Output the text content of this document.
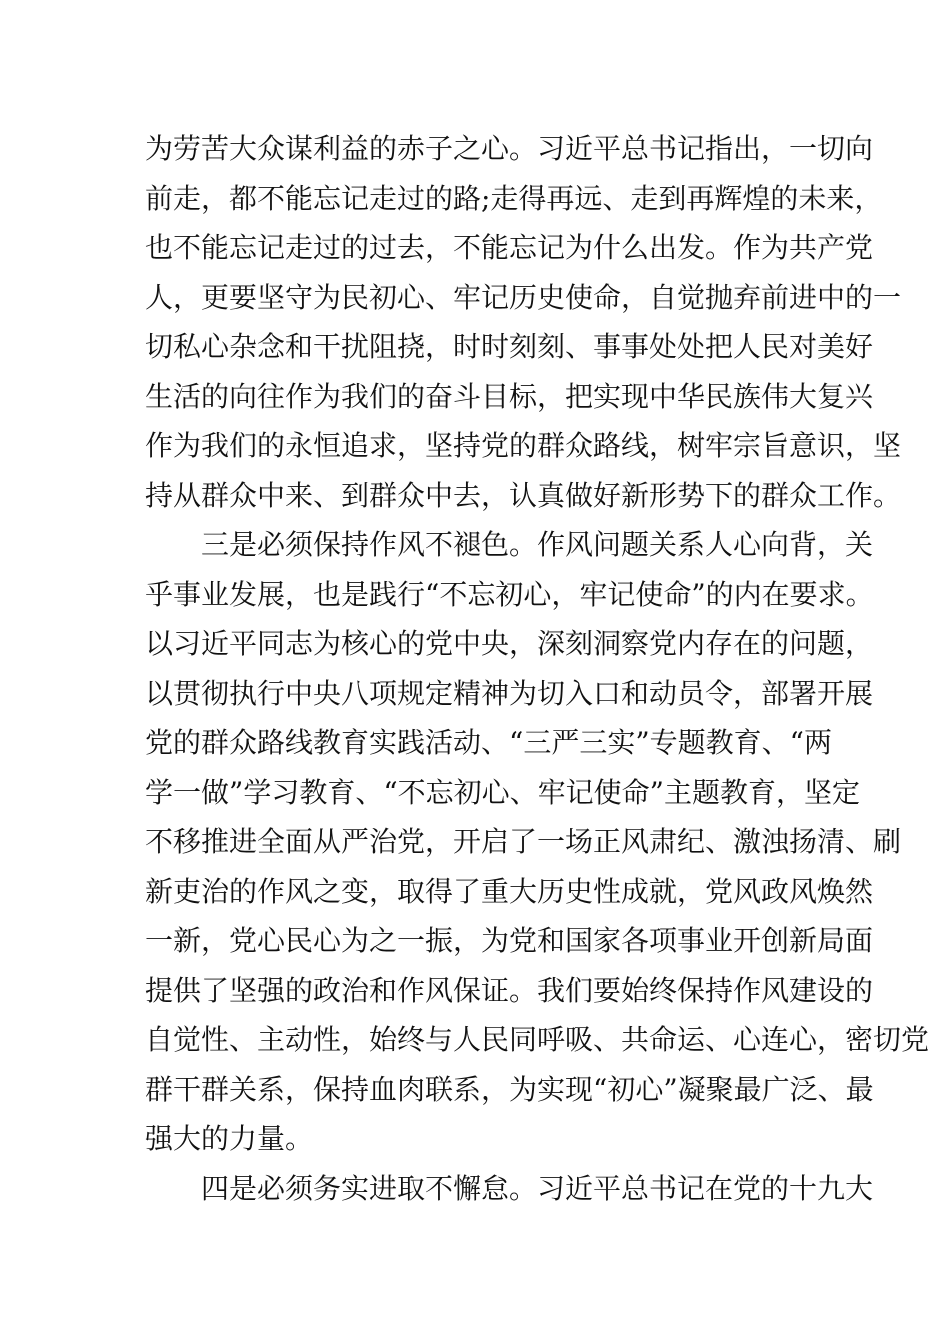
为劳苦大众谋利益的赤子之心。习近平总书记指出，一切向
前走，都不能忘记走过的路;走得再远、走到再辉煌的未来，
也不能忘记走过的过去，不能忘记为什么出发。作为共产党
人，更要坚守为民初心、牢记历史使命，自觉抛弃前进中的一
切私心杂念和干扰阻挠，时时刻刻、事事处处把人民对美好
生活的向往作为我们的奋斗目标，把实现中华民族伟大复兴
作为我们的永恒追求，坚持党的群众路线，树牢宗旨意识，坚
持从群众中来、到群众中去，认真做好新形势下的群众工作。
三是必须保持作风不褪色。作风问题关系人心向背，关
乎事业发展，也是践行“不忘初心，牢记使命”的内在要求。
以习近平同志为核心的党中央，深刻洞察党内存在的问题，
以贯彻执行中央八项规定精神为切入口和动员令，部署开展
党的群众路线教育实践活动、“三严三实”专题教育、“两
学一做”学习教育、“不忘初心、牢记使命”主题教育，坚定
不移推进全面从严治党，开启了一场正风肃纪、激浊扬清、刷
新吏治的作风之变，取得了重大历史性成就，党风政风焕然
一新，党心民心为之一振，为党和国家各项事业开创新局面
提供了坚强的政治和作风保证。我们要始终保持作风建设的
自觉性、主动性，始终与人民同呼吸、共命运、心连心，密切党
群干群关系，保持血肉联系，为实现“初心”凝聚最广泛、最
强大的力量。
四是必须务实进取不懈怠。习近平总书记在党的十九大
